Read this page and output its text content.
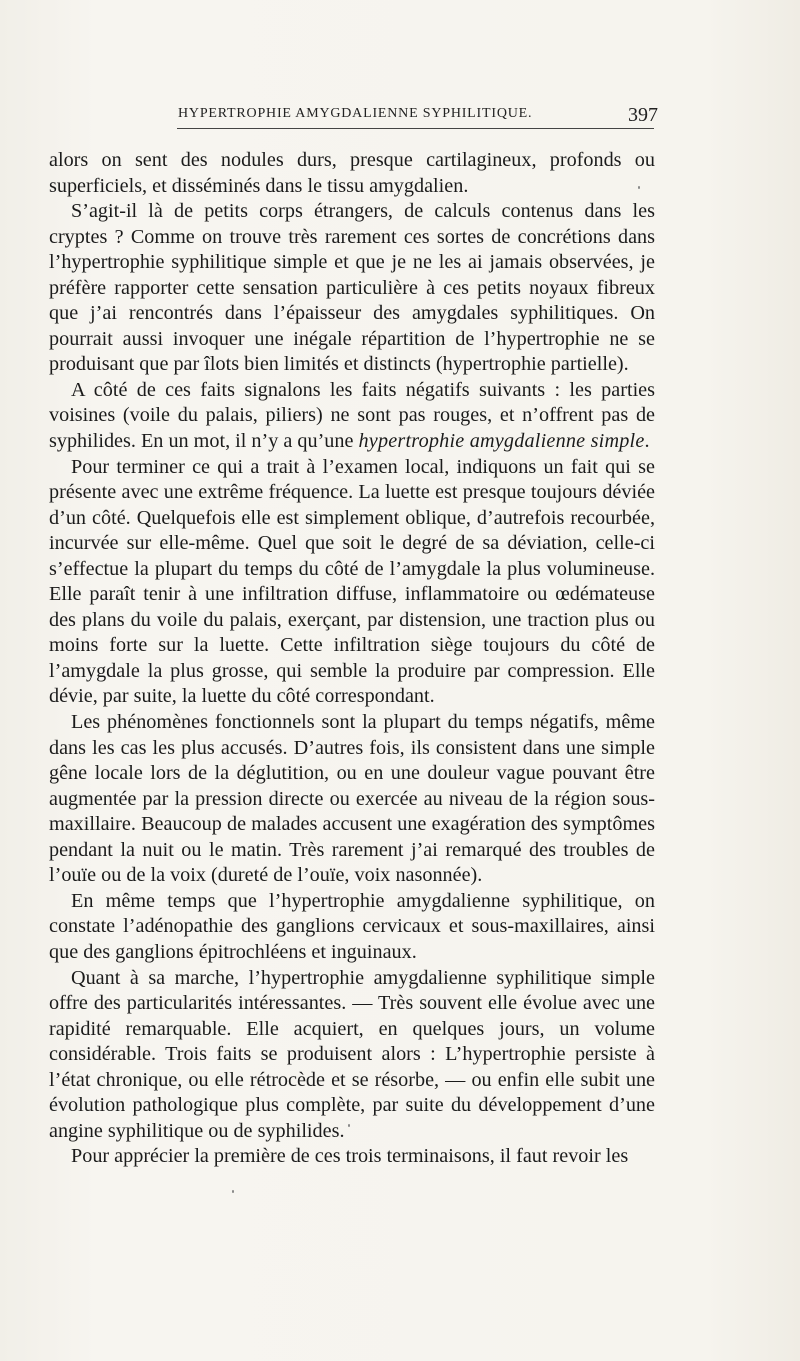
HYPERTROPHIE AMYGDALIENNE SYPHILITIQUE.	397

alors on sent des nodules durs, presque cartilagineux, profonds ou superficiels, et disséminés dans le tissu amygdalien.

S’agit-il là de petits corps étrangers, de calculs contenus dans les cryptes ? Comme on trouve très rarement ces sortes de concrétions dans l’hypertrophie syphilitique simple et que je ne les ai jamais observées, je préfère rapporter cette sensation particulière à ces petits noyaux fibreux que j’ai rencontrés dans l’épaisseur des amygdales syphilitiques. On pourrait aussi invoquer une inégale répartition de l’hypertrophie ne se produisant que par îlots bien limités et distincts (hypertrophie partielle).

A côté de ces faits signalons les faits négatifs suivants : les parties voisines (voile du palais, piliers) ne sont pas rouges, et n’offrent pas de syphilides. En un mot, il n’y a qu’une hypertrophie amygdalienne simple.

Pour terminer ce qui a trait à l’examen local, indiquons un fait qui se présente avec une extrême fréquence. La luette est presque toujours déviée d’un côté. Quelquefois elle est simplement oblique, d’autrefois recourbée, incurvée sur elle-même. Quel que soit le degré de sa déviation, celle-ci s’effectue la plupart du temps du côté de l’amygdale la plus volumineuse. Elle paraît tenir à une infiltration diffuse, inflammatoire ou œdémateuse des plans du voile du palais, exerçant, par distension, une traction plus ou moins forte sur la luette. Cette infiltration siège toujours du côté de l’amygdale la plus grosse, qui semble la produire par compression. Elle dévie, par suite, la luette du côté correspondant.

Les phénomènes fonctionnels sont la plupart du temps négatifs, même dans les cas les plus accusés. D’autres fois, ils consistent dans une simple gêne locale lors de la déglutition, ou en une douleur vague pouvant être augmentée par la pression directe ou exercée au niveau de la région sous-maxillaire. Beaucoup de malades accusent une exagération des symptômes pendant la nuit ou le matin. Très rarement j’ai remarqué des troubles de l’ouïe ou de la voix (dureté de l’ouïe, voix nasonnée).

En même temps que l’hypertrophie amygdalienne syphilitique, on constate l’adénopathie des ganglions cervicaux et sous-maxillaires, ainsi que des ganglions épitrochléens et inguinaux.

Quant à sa marche, l’hypertrophie amygdalienne syphilitique simple offre des particularités intéressantes. — Très souvent elle évolue avec une rapidité remarquable. Elle acquiert, en quelques jours, un volume considérable. Trois faits se produisent alors : L’hypertrophie persiste à l’état chronique, ou elle rétrocède et se résorbe, — ou enfin elle subit une évolution pathologique plus complète, par suite du développement d’une angine syphilitique ou de syphilides.

Pour apprécier la première de ces trois terminaisons, il faut revoir les
